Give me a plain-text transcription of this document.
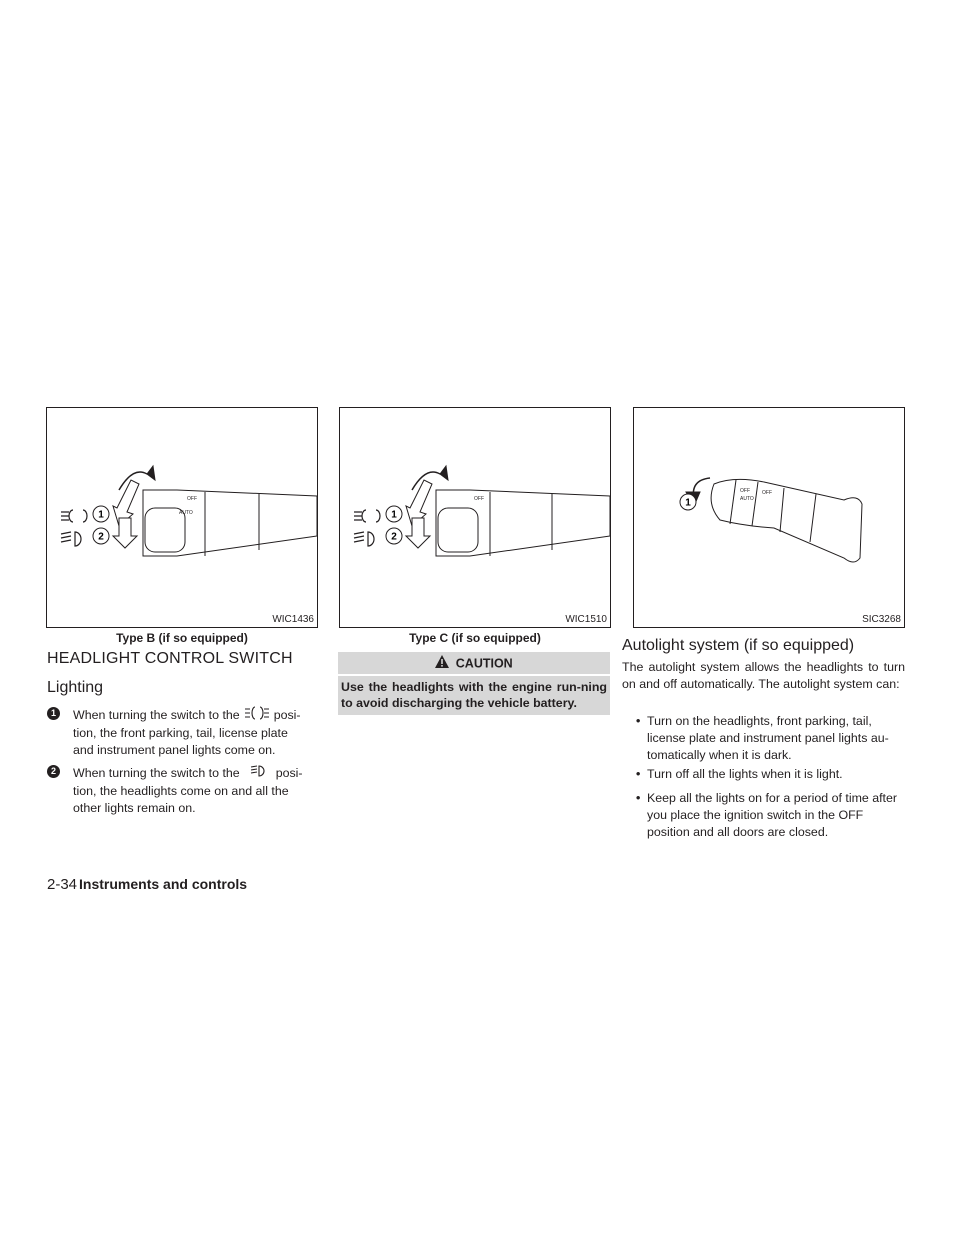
AUTO
OFF
1
2
WIC1436
Type B (if so equipped)
OFF
1
2
WIC1510
Type C (if so equipped)
OFF
AUTO
OFF
1
SIC3268
HEADLIGHT CONTROL SWITCH
Lighting
1	When turning the switch to the	posi-
tion, the front parking, tail, license plate and instrument panel lights come on.
2	When turning the switch to the	posi-
tion, the headlights come on and all the other lights remain on.
CAUTION
Use the headlights with the engine run-ning to avoid discharging the vehicle battery.
Autolight system (if so equipped)
The autolight system allows the headlights to turn on and off automatically. The autolight system can:
• Turn on the headlights, front parking, tail, license plate and instrument panel lights au-tomatically when it is dark.
• Turn off all the lights when it is light.
• Keep all the lights on for a period of time after you place the ignition switch in the OFF position and all doors are closed.
2-34 Instruments and controls
